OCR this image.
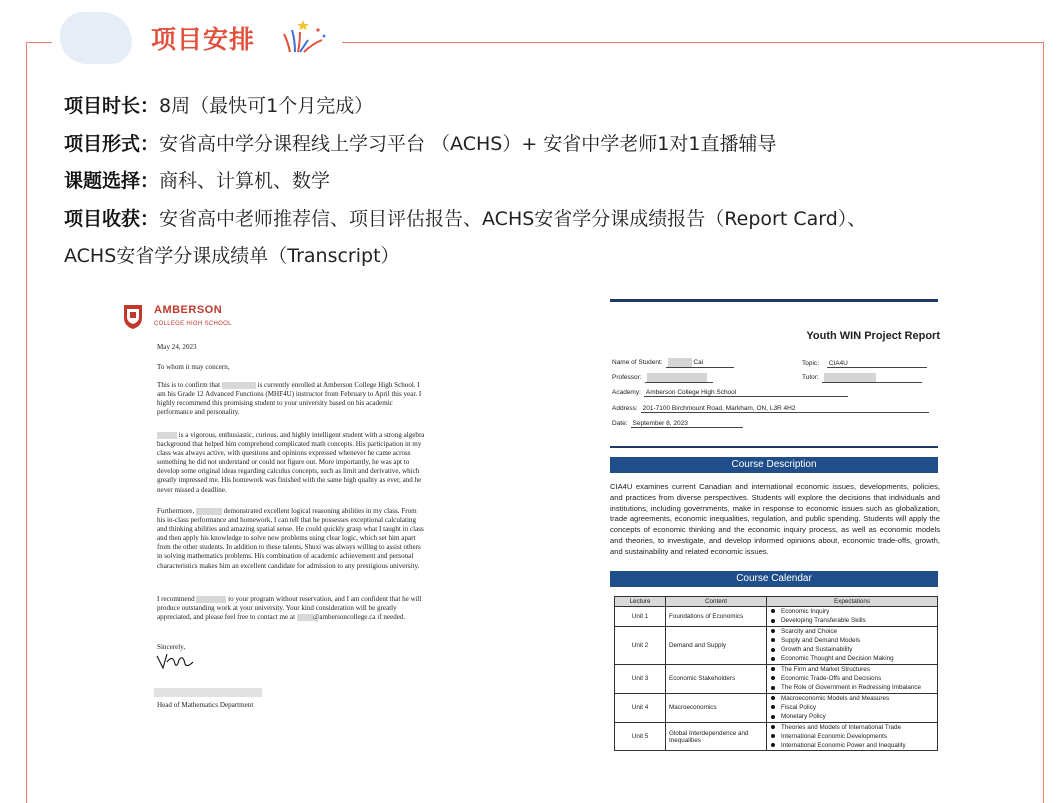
项目安排
项目时长：8周（最快可1个月完成）
项目形式：安省高中学分课程线上学习平台 （ACHS）+ 安省中学老师1对1直播辅导
课题选择：商科、计算机、数学
项目收获：安省高中老师推荐信、项目评估报告、ACHS安省学分课成绩报告（Report Card）、
ACHS安省学分课成绩单（Transcript）
AMBERSON
COLLEGE HIGH SCHOOL
May 24, 2023
To whom it may concern,
This is to confirm that	is currently enrolled at Amberson College High School. I am his Grade 12 Advanced Functions (MHF4U) instructor from February to April this year. I highly recommend this promising student to your university based on his academic performance and personality.
is a vigorous, enthusiastic, curious, and highly intelligent student with a strong algebra background that helped him comprehend complicated math concepts. His participation in my class was always active, with questions and opinions expressed whenever he came across something he did not understand or could not figure out. More importantly, he was apt to develop some original ideas regarding calculus concepts, such as limit and derivative, which greatly impressed me. His homework was finished with the same high quality as ever, and he never missed a deadline.
Furthermore,	demonstrated excellent logical reasoning abilities in my class. From his in-class performance and homework, I can tell that he possesses exceptional calculating and thinking abilities and amazing spatial sense. He could quickly grasp what I taught in class and then apply his knowledge to solve new problems using clear logic, which set him apart from the other students. In addition to these talents, Shuxi was always willing to assist others in solving mathematics problems. His combination of academic achievement and personal characteristics makes him an excellent candidate for admission to any prestigious university.
I recommend	to your program without reservation, and I am confident that he will produce outstanding work at your university. Your kind consideration will be greatly appreciated, and please feel free to contact me at	@ambersoncollege.ca if needed.
Sincerely,
Head of Mathematics Department
Youth WIN Project Report
Name of Student:	Cai	Topic： CIA4U
Professor:	Tutor:
Academy: Amberson College High School
Address: 201-7100 Birchmount Road, Markham, ON, L3R 4H2
Date: September 8, 2023
Course Description
CIA4U examines current Canadian and international economic issues, developments, policies, and practices from diverse perspectives. Students will explore the decisions that individuals and institutions, including governments, make in response to economic issues such as globalization, trade agreements, economic inequalities, regulation, and public spending. Students will apply the concepts of economic thinking and the economic inquiry process, as well as economic models and theories, to investigate, and develop informed opinions about, economic trade-offs, growth, and sustainability and related economic issues.
Course Calendar
Lecture	Content	Expectations
Unit 1	Foundations of Economics	Economic Inquiry
Developing Transferable Skills

Unit 2	Demand and Supply	Scarcity and Choice
Supply and Demand Models
Growth and Sustainability
Economic Thought and Decision Making

Unit 3	Economic Stakeholders	The Firm and Market Structures
Economic Trade-Offs and Decisions
The Role of Government in Redressing Imbalance

Unit 4	Macroeconomics	Macroeconomic Models and Measures
Fiscal Policy
Monetary Policy

Unit 5	Global Interdependence and Inequalities	Theories and Models of International Trade
International Economic Developments
International Economic Power and Inequality
